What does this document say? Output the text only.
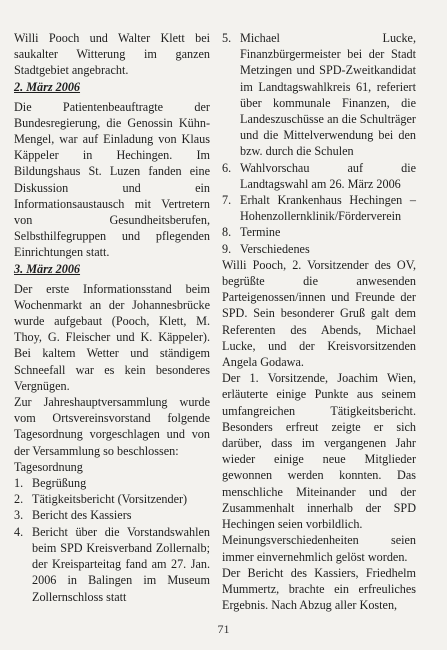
Willi Pooch und Walter Klett bei saukalter Witterung im ganzen Stadtgebiet angebracht.

2. März 2006

Die Patientenbeauftragte der Bundesregierung, die Genossin Kühn-Mengel, war auf Einladung von Klaus Käppeler in Hechingen. Im Bildungshaus St. Luzen fanden eine Diskussion und ein Informationsaustausch mit Vertretern von Gesundheitsberufen, Selbsthilfegruppen und pflegenden Einrichtungen statt.

3. März 2006

Der erste Informationsstand beim Wochenmarkt an der Johannesbrücke wurde aufgebaut (Pooch, Klett, M. Thoy, G. Fleischer und K. Käppeler). Bei kaltem Wetter und ständigem Schneefall war es kein besonderes Vergnügen.

Zur Jahreshauptversammlung wurde vom Ortsvereinsvorstand folgende Tagesordnung vorgeschlagen und von der Versammlung so beschlossen:

Tagesordnung

1. Begrüßung
2. Tätigkeitsbericht (Vorsitzender)
3. Bericht des Kassiers
4. Bericht über die Vorstandswahlen beim SPD Kreisverband Zollernalb; der Kreisparteitag fand am 27. Jan. 2006 in Balingen im Museum Zollernschloss statt
5. Michael Lucke, Finanzbürgermeister bei der Stadt Metzingen und SPD-Zweitkandidat im Landtagswahlkreis 61, referiert über kommunale Finanzen, die Landeszuschüsse an die Schulträger und die Mittelverwendung bei den bzw. durch die Schulen
6. Wahlvorschau auf die Landtagswahl am 26. März 2006
7. Erhalt Krankenhaus Hechingen – Hohenzollernklinik/Förderverein
8. Termine
9. Verschiedenes

Willi Pooch, 2. Vorsitzender des OV, begrüßte die anwesenden Parteigenossen/innen und Freunde der SPD. Sein besonderer Gruß galt dem Referenten des Abends, Michael Lucke, und der Kreisvorsitzenden Angela Godawa.

Der 1. Vorsitzende, Joachim Wien, erläuterte einige Punkte aus seinem umfangreichen Tätigkeitsbericht. Besonders erfreut zeigte er sich darüber, dass im vergangenen Jahr wieder einige neue Mitglieder gewonnen werden konnten. Das menschliche Miteinander und der Zusammenhalt innerhalb der SPD Hechingen seien vorbildlich.

Meinungsverschiedenheiten seien immer einvernehmlich gelöst worden.

Der Bericht des Kassiers, Friedhelm Mummertz, brachte ein erfreuliches Ergebnis. Nach Abzug aller Kosten,

71
